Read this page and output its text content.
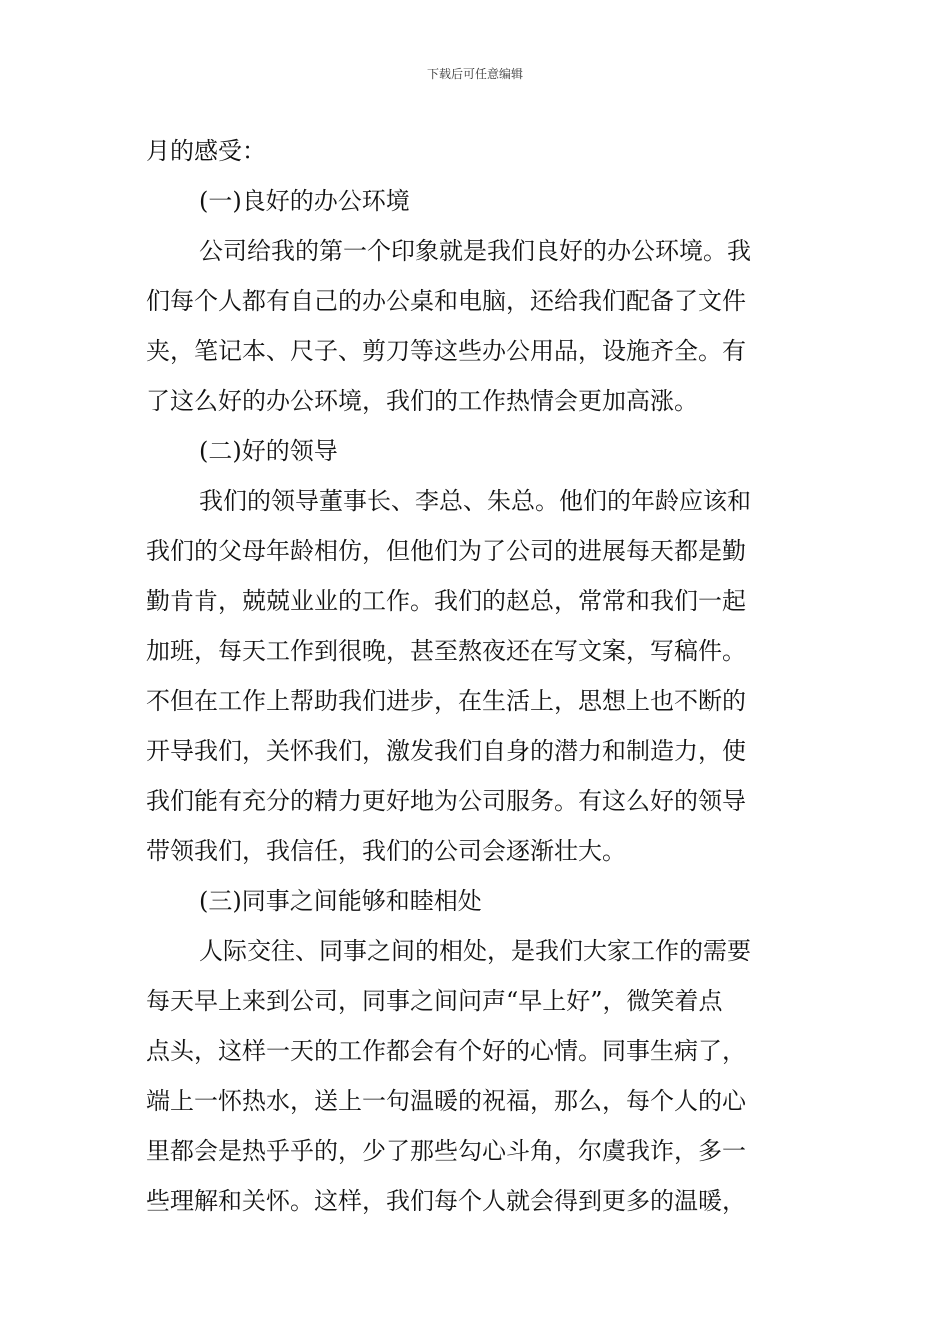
下载后可任意编辑
月的感受：
(一)良好的办公环境
公司给我的第一个印象就是我们良好的办公环境。我
们每个人都有自己的办公桌和电脑，还给我们配备了文件
夹，笔记本、尺子、剪刀等这些办公用品，设施齐全。有
了这么好的办公环境，我们的工作热情会更加高涨。
(二)好的领导
我们的领导董事长、李总、朱总。他们的年龄应该和
我们的父母年龄相仿，但他们为了公司的进展每天都是勤
勤肯肯，兢兢业业的工作。我们的赵总，常常和我们一起
加班，每天工作到很晚，甚至熬夜还在写文案，写稿件。
不但在工作上帮助我们进步，在生活上，思想上也不断的
开导我们，关怀我们，激发我们自身的潜力和制造力，使
我们能有充分的精力更好地为公司服务。有这么好的领导
带领我们，我信任，我们的公司会逐渐壮大。
(三)同事之间能够和睦相处
人际交往、同事之间的相处，是我们大家工作的需要
每天早上来到公司，同事之间问声“早上好”，微笑着点
点头，这样一天的工作都会有个好的心情。同事生病了，
端上一怀热水，送上一句温暖的祝福，那么，每个人的心
里都会是热乎乎的，少了那些勾心斗角，尔虞我诈，多一
些理解和关怀。这样，我们每个人就会得到更多的温暖，
